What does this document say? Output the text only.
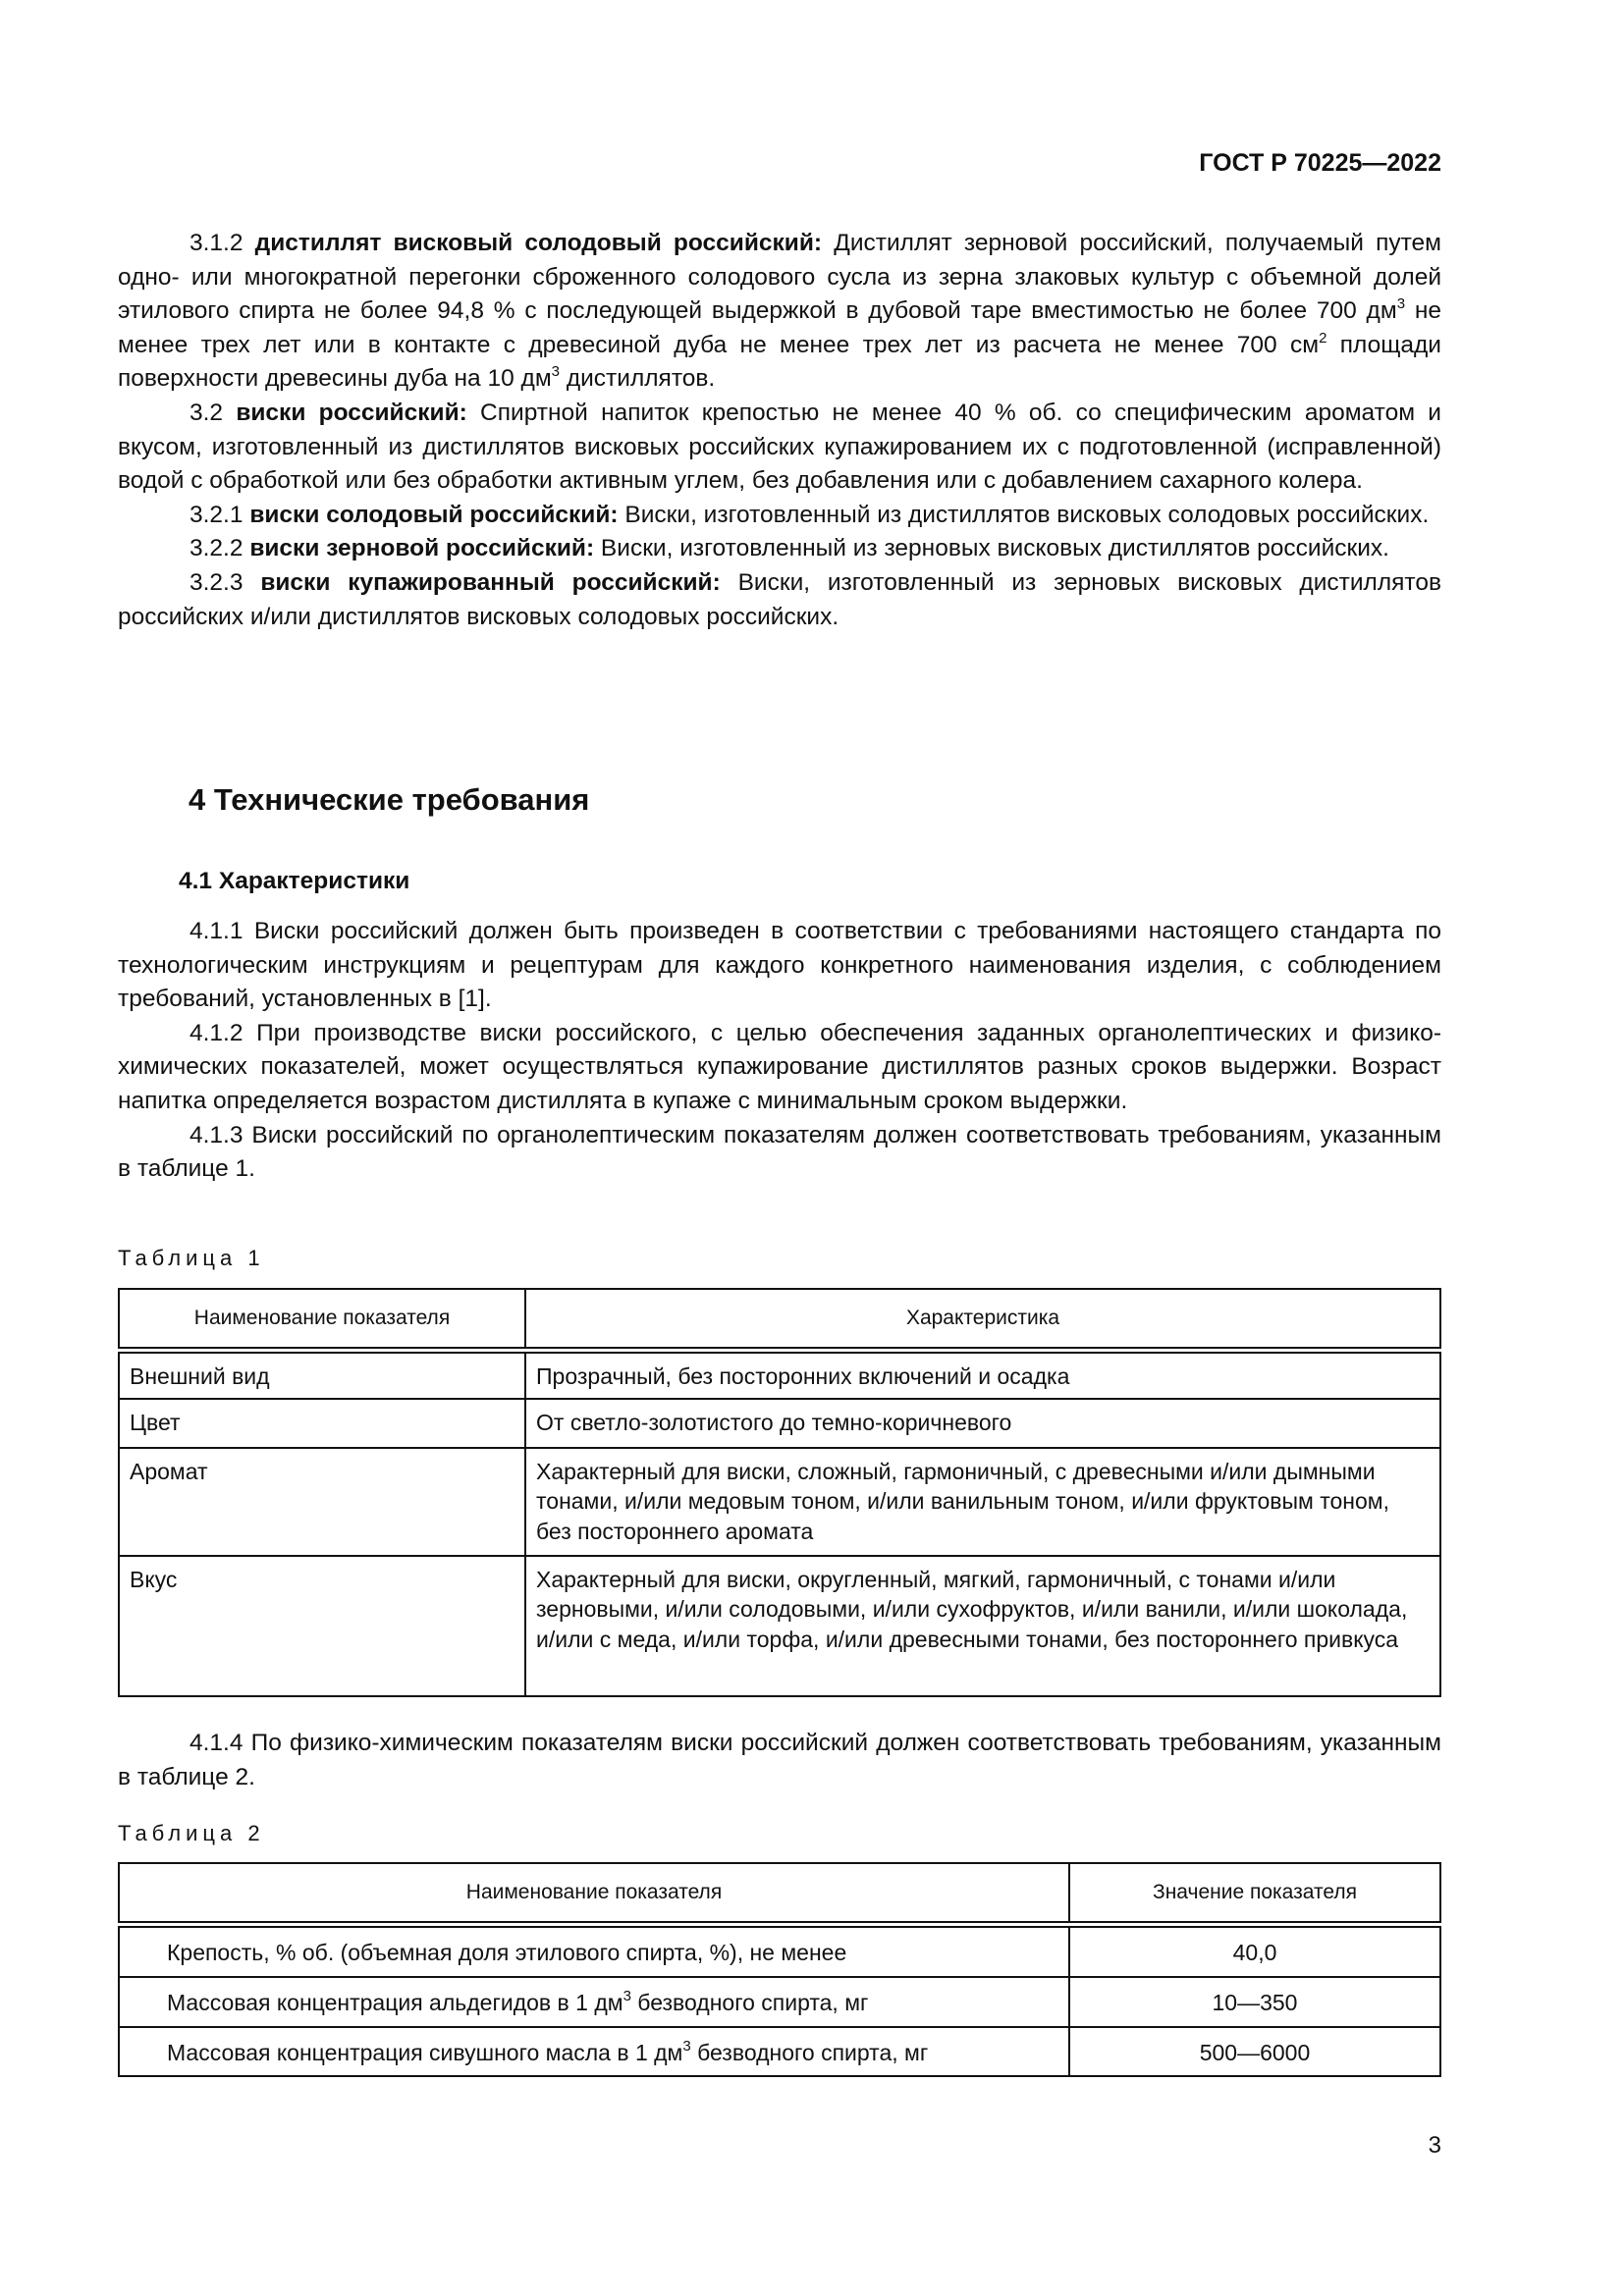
ГОСТ Р 70225—2022

3.1.2 дистиллят висковый солодовый российский: Дистиллят зерновой российский, получаемый путем одно- или многократной перегонки сброженного солодового сусла из зерна злаковых культур с объемной долей этилового спирта не более 94,8 % с последующей выдержкой в дубовой таре вместимостью не более 700 $дм^3$ не менее трех лет или в контакте с древесиной дуба не менее трех лет из расчета не менее 700 $см^2$ площади поверхности древесины дуба на 10 $дм^3$ дистиллятов.

3.2 виски российский: Спиртной напиток крепостью не менее 40 % об. со специфическим ароматом и вкусом, изготовленный из дистиллятов висковых российских купажированием их с подготовленной (исправленной) водой с обработкой или без обработки активным углем, без добавления или с добавлением сахарного колера.

3.2.1 виски солодовый российский: Виски, изготовленный из дистиллятов висковых солодовых российских.

3.2.2 виски зерновой российский: Виски, изготовленный из зерновых висковых дистиллятов российских.

3.2.3 виски купажированный российский: Виски, изготовленный из зерновых висковых дистиллятов российских и/или дистиллятов висковых солодовых российских.

4 Технические требования
4.1 Характеристики

4.1.1 Виски российский должен быть произведен в соответствии с требованиями настоящего стандарта по технологическим инструкциям и рецептурам для каждого конкретного наименования изделия, с соблюдением требований, установленных в [1].

4.1.2 При производстве виски российского, с целью обеспечения заданных органолептических и физико-химических показателей, может осуществляться купажирование дистиллятов разных сроков выдержки. Возраст напитка определяется возрастом дистиллята в купаже с минимальным сроком выдержки.

4.1.3 Виски российский по органолептическим показателям должен соответствовать требованиям, указанным в таблице 1.

Таблица 1
Наименование показателя	Характеристика
Внешний вид	Прозрачный, без посторонних включений и осадка
Цвет	От светло-золотистого до темно-коричневого
Аромат	Характерный для виски, сложный, гармоничный, с древесными и/или дымными тонами, и/или медовым тоном, и/или ванильным тоном, и/или фруктовым тоном, без постороннего аромата
Вкус	Характерный для виски, округленный, мягкий, гармоничный, с тонами и/или зерновыми, и/или солодовыми, и/или сухофруктов, и/или ванили, и/или шоколада, и/или с меда, и/или торфа, и/или древесными тонами, без постороннего привкуса

4.1.4 По физико-химическим показателям виски российский должен соответствовать требованиям, указанным в таблице 2.

Таблица 2
Наименование показателя	Значение показателя
Крепость, % об. (объемная доля этилового спирта, %), не менее	40,0
Массовая концентрация альдегидов в 1 $дм^3$ безводного спирта, мг	10—350
Массовая концентрация сивушного масла в 1 $дм^3$ безводного спирта, мг	500—6000
3
